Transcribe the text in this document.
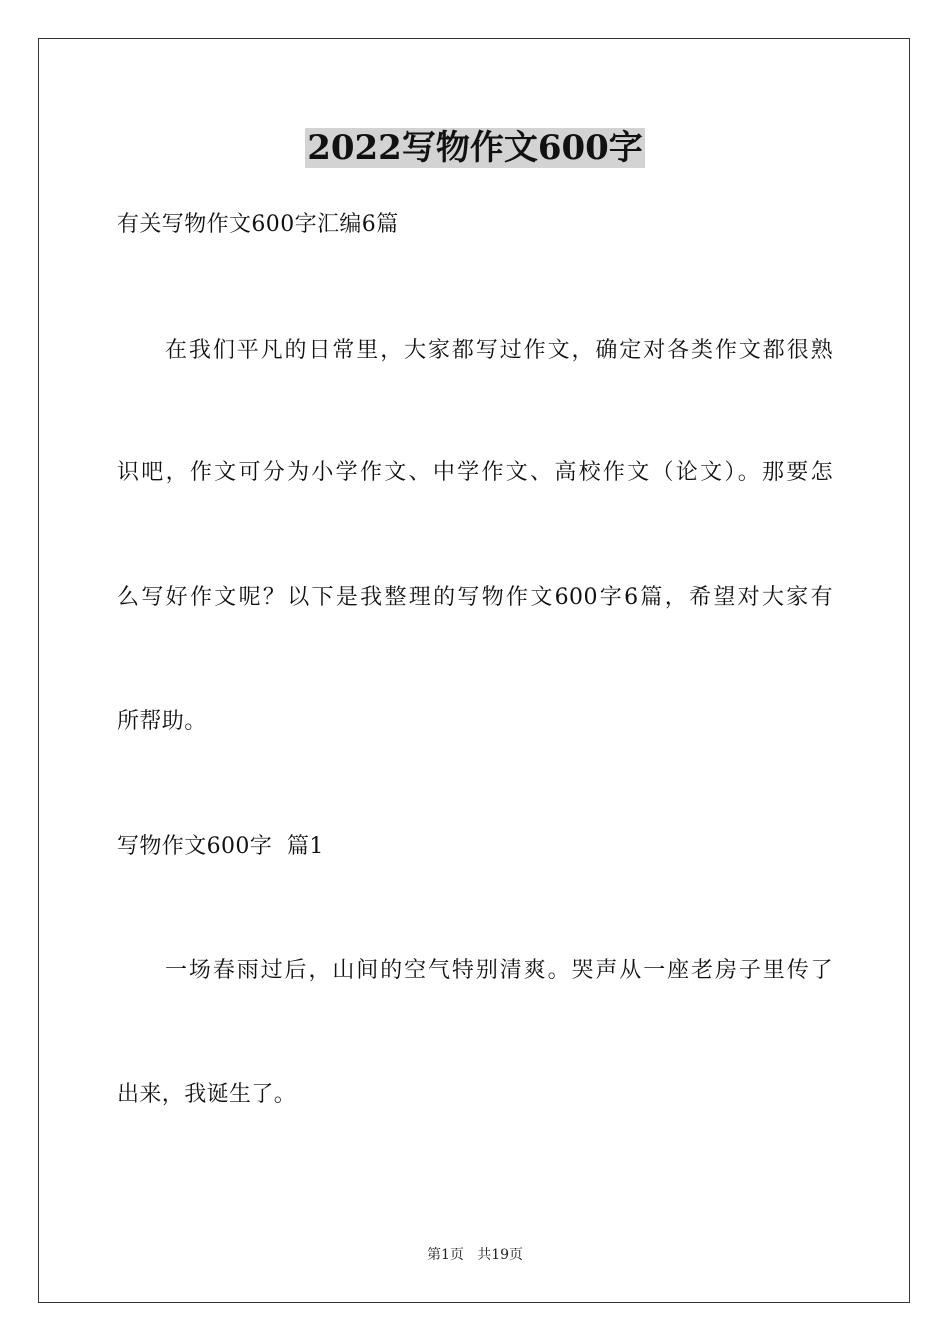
2022写物作文600字
有关写物作文600字汇编6篇
在我们平凡的日常里，大家都写过作文，确定对各类作文都很熟
识吧，作文可分为小学作文、中学作文、高校作文（论文）。那要怎
么写好作文呢？以下是我整理的写物作文600字6篇，希望对大家有
所帮助。
写物作文600字  篇1
一场春雨过后，山间的空气特别清爽。哭声从一座老房子里传了
出来，我诞生了。
第1页   共19页
